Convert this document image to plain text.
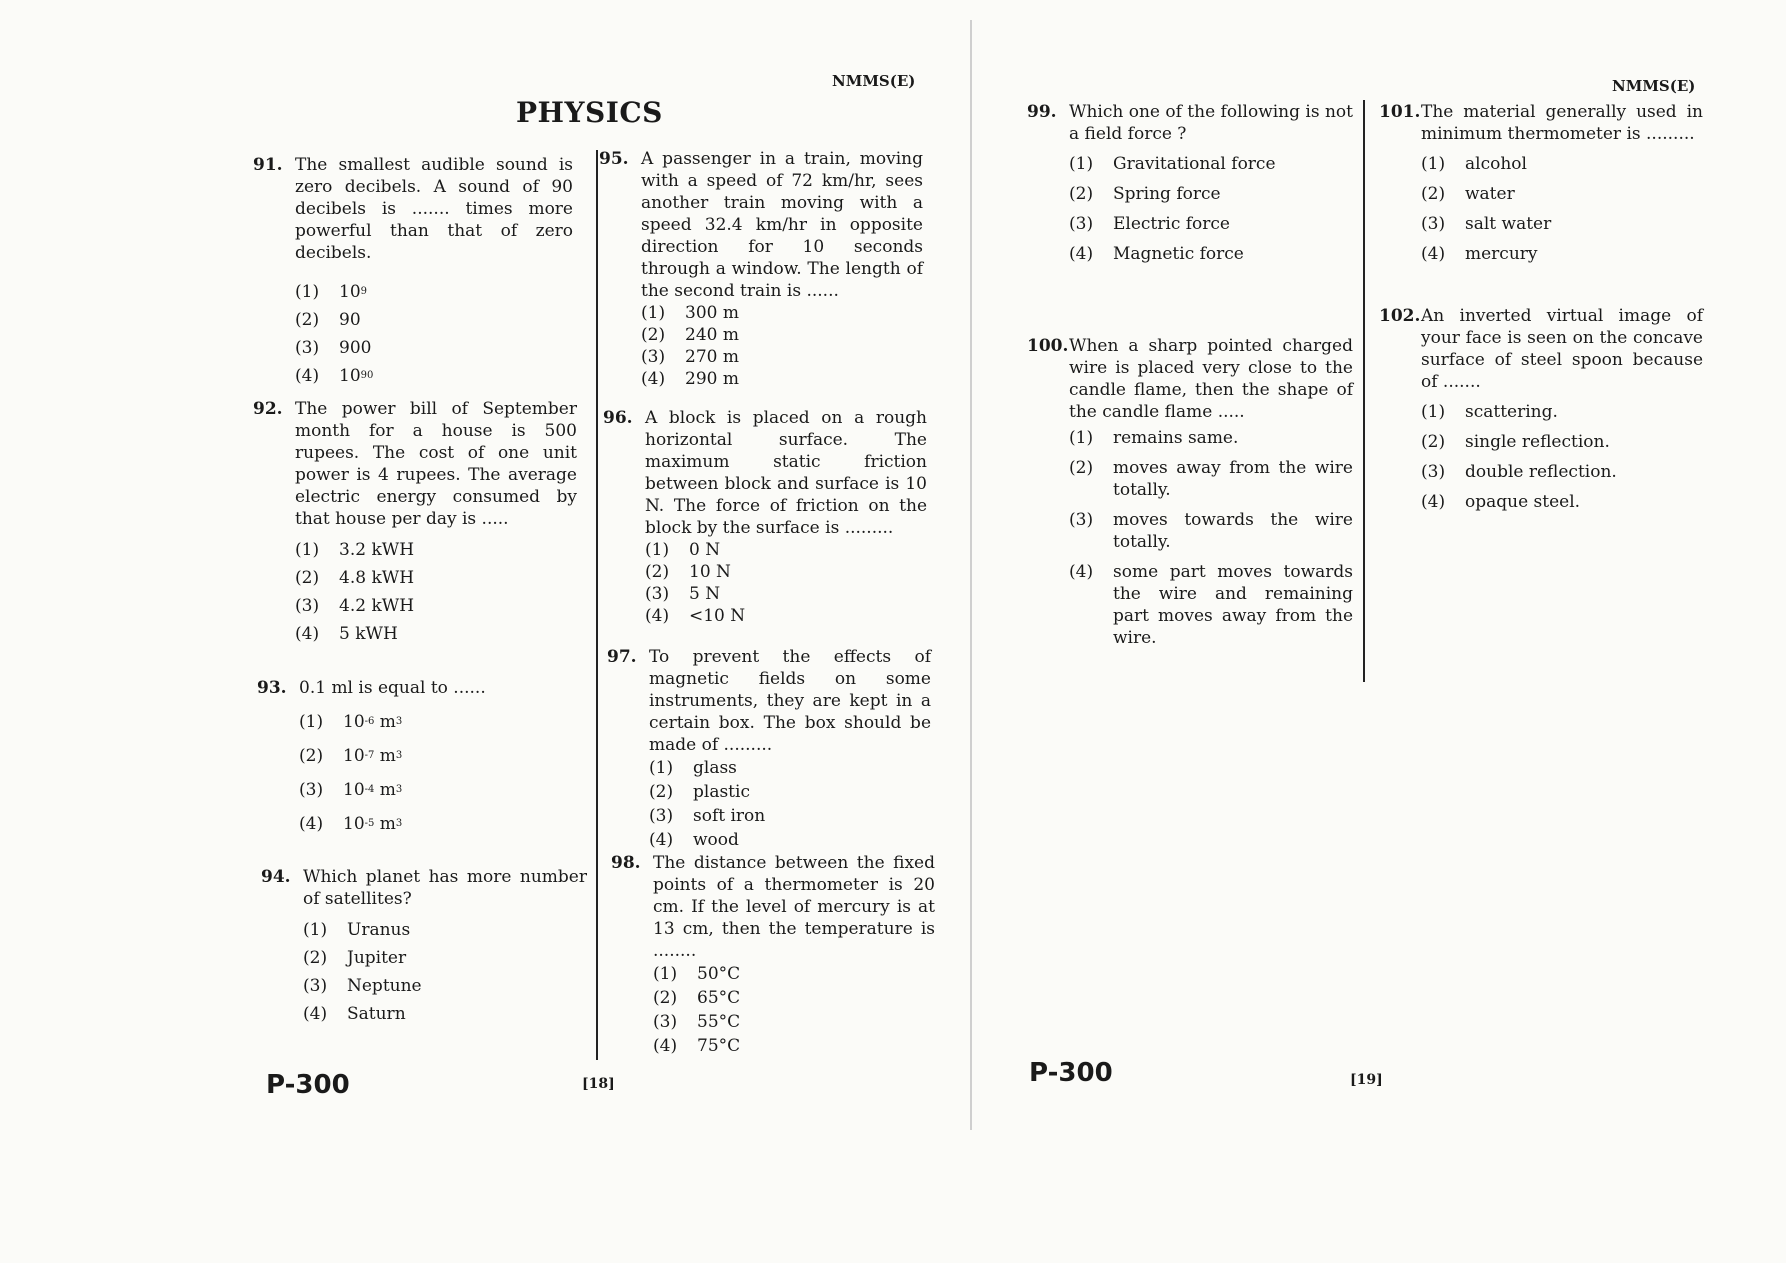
NMMS(E)
PHYSICS
91. The smallest audible sound is zero decibels. A sound of 90 decibels is ....... times more powerful than that of zero decibels.
(1)	10 9
(2)	90
(3)	900
(4)	10 90
92. The power bill of September month for a house is 500 rupees. The cost of one unit power is 4 rupees. The average electric energy consumed by that house per day is .....
(1)	3.2 kWH
(2)	4.8 kWH
(3)	4.2 kWH
(4)	5 kWH
93. 0.1 ml is equal to ......
(1)	10 -6
m 3
(2)	10 -7
m 3
(3)	10 -4
m 3
(4)	10 -5
m 3
94. Which planet has more number of satellites?
(1)	Uranus
(2)	Jupiter
(3)	Neptune
(4)	Saturn
95. A passenger in a train, moving with a speed of 72 km/hr, sees another train moving with a speed 32.4 km/hr in opposite direction for 10 seconds through a window. The length of the second train is ......
(1)	300 m
(2)	240 m
(3)	270 m
(4)	290 m
96. A block is placed on a rough horizontal surface. The maximum static friction between block and surface is 10 N. The force of friction on the block by the surface is .........
(1)	0 N
(2)	10 N
(3)	5 N
(4)	<10 N
97. To prevent the effects of magnetic fields on some instruments, they are kept in a certain box. The box should be made of .........
(1)	glass
(2)	plastic
(3)	soft iron
(4)	wood
98. The distance between the fixed points of a thermometer is 20 cm. If the level of mercury is at 13 cm, then the temperature is ........
(1)	50°C
(2)	65°C
(3)	55°C
(4)	75°C
P-300	[18]
NMMS(E)
99. Which one of the following is not a field force ?
(1)	Gravitational force
(2)	Spring force
(3)	Electric force
(4)	Magnetic force
100. When a sharp pointed charged wire is placed very close to the candle flame, then the shape of the candle flame .....
(1)	remains same.
(2)	moves away from the wire totally.
(3)	moves towards the wire totally.
(4)	some part moves towards the wire and remaining part moves away from the wire.
101. The material generally used in minimum thermometer is .........
(1)	alcohol
(2)	water
(3)	salt water
(4)	mercury
102. An inverted virtual image of your face is seen on the concave surface of steel spoon because of .......
(1)	scattering.
(2)	single reflection.
(3)	double reflection.
(4)	opaque steel.
P-300	[19]
